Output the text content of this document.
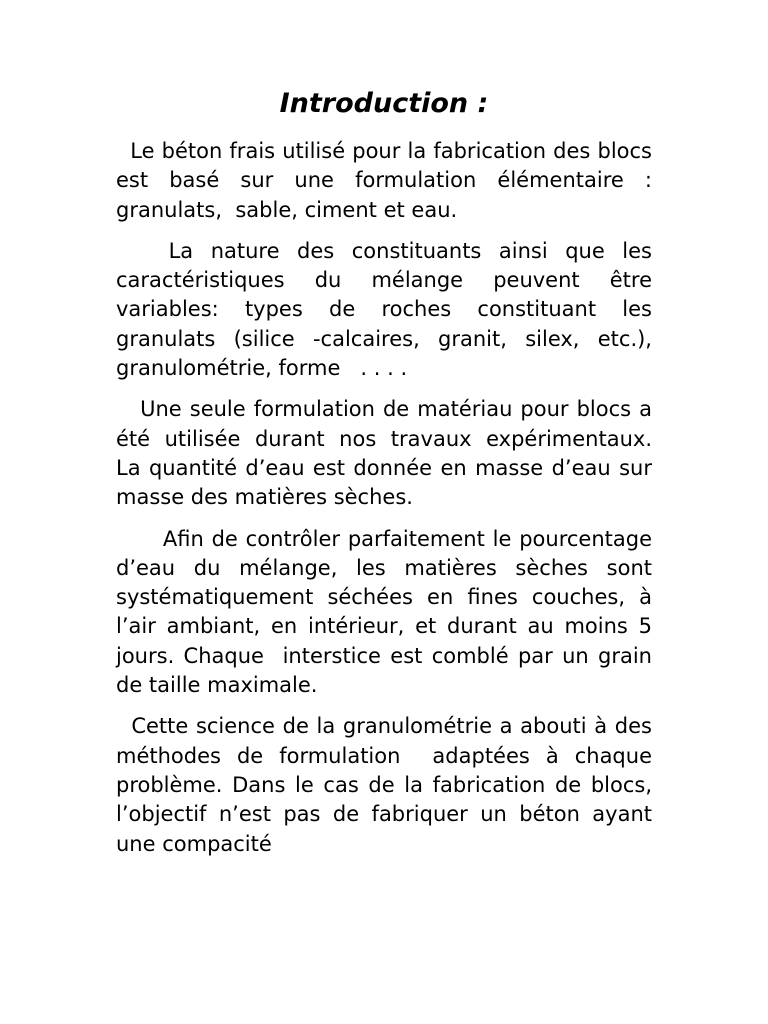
Introduction :

Le béton frais utilisé pour la fabrication des blocs est basé sur une formulation élémentaire : granulats,  sable, ciment et eau.

La nature des constituants ainsi que les caractéristiques du mélange peuvent être variables: types de roches constituant les granulats (silice -calcaires, granit, silex, etc.), granulométrie, forme   . . . .

Une seule formulation de matériau pour blocs a été utilisée durant nos travaux expérimentaux.    La quantité d’eau est donnée en masse d’eau sur masse des matières sèches.

Afin de contrôler parfaitement le pourcentage d’eau du mélange, les matières sèches sont systématiquement séchées en fines couches, à l’air ambiant, en intérieur, et durant au moins 5 jours. Chaque  interstice est comblé par un grain de taille maximale.

Cette science de la granulométrie a abouti à des méthodes de formulation  adaptées à chaque problème. Dans le cas de la fabrication de blocs, l’objectif n’est pas de fabriquer un béton ayant une compacité
